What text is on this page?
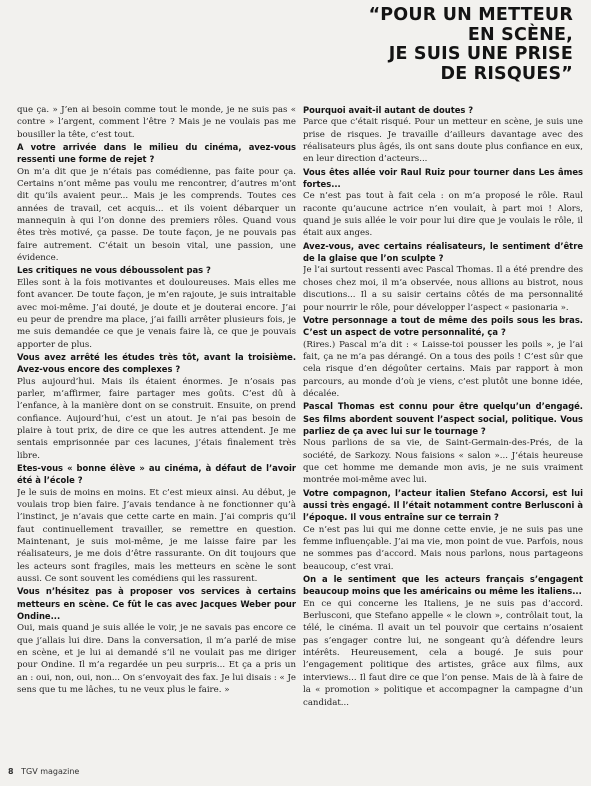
“POUR UN METTEUR
EN SCÈNE,
JE SUIS UNE PRISE
DE RISQUES”

que ça. » J’en ai besoin comme tout le monde, je ne suis pas « contre » l’argent, comment l’être ? Mais je ne voulais pas me bousiller la tête, c’est tout.

A votre arrivée dans le milieu du cinéma, avez-vous ressenti une forme de rejet ?

On m’a dit que je n’étais pas comédienne, pas faite pour ça. Certains n’ont même pas voulu me rencontrer, d’autres m’ont dit qu’ils avaient peur... Mais je les comprends. Toutes ces années de travail, cet acquis... et ils voient débarquer un mannequin à qui l’on donne des premiers rôles. Quand vous êtes très motivé, ça passe. De toute façon, je ne pouvais pas faire autrement. C’était un besoin vital, une passion, une évidence.

Les critiques ne vous déboussolent pas ?

Elles sont à la fois motivantes et douloureuses. Mais elles me font avancer. De toute façon, je m’en rajoute, je suis intraitable avec moi-même. J’ai douté, je doute et je douterai encore. J’ai eu peur de prendre ma place, j’ai failli arrêter plusieurs fois, je me suis demandée ce que je venais faire là, ce que je pouvais apporter de plus.

Vous avez arrêté les études très tôt, avant la troisième. Avez-vous encore des complexes ?

Plus aujourd’hui. Mais ils étaient énormes. Je n’osais pas parler, m’affirmer, faire partager mes goûts. C’est dû à l’enfance, à la manière dont on se construit. Ensuite, on prend confiance. Aujourd’hui, c’est un atout. Je n’ai pas besoin de plaire à tout prix, de dire ce que les autres attendent. Je me sentais emprisonnée par ces lacunes, j’étais finalement très libre.

Etes-vous « bonne élève » au cinéma, à défaut de l’avoir été à l’école ?

Je le suis de moins en moins. Et c’est mieux ainsi. Au début, je voulais trop bien faire. J’avais tendance à ne fonctionner qu’à l’instinct, je n’avais que cette carte en main. J’ai compris qu’il faut continuellement travailler, se remettre en question. Maintenant, je suis moi-même, je me laisse faire par les réalisateurs, je me dois d’être rassurante. On dit toujours que les acteurs sont fragiles, mais les metteurs en scène le sont aussi. Ce sont souvent les comédiens qui les rassurent.

Vous n’hésitez pas à proposer vos services à certains metteurs en scène. Ce fût le cas avec Jacques Weber pour Ondine...

Oui, mais quand je suis allée le voir, je ne savais pas encore ce que j’allais lui dire. Dans la conversation, il m’a parlé de mise en scène, et je lui ai demandé s’il ne voulait pas me diriger pour Ondine. Il m’a regardée un peu surpris... Et ça a pris un an : oui, non, oui, non... On s’envoyait des fax. Je lui disais : « Je sens que tu me lâches, tu ne veux plus le faire. »

Pourquoi avait-il autant de doutes ?

Parce que c’était risqué. Pour un metteur en scène, je suis une prise de risques. Je travaille d’ailleurs davantage avec des réalisateurs plus âgés, ils ont sans doute plus confiance en eux, en leur direction d’acteurs...

Vous êtes allée voir Raul Ruiz pour tourner dans Les âmes fortes...

Ce n’est pas tout à fait cela : on m’a proposé le rôle. Raul raconte qu’aucune actrice n’en voulait, à part moi ! Alors, quand je suis allée le voir pour lui dire que je voulais le rôle, il était aux anges.

Avez-vous, avec certains réalisateurs, le sentiment d’être de la glaise que l’on sculpte ?

Je l’ai surtout ressenti avec Pascal Thomas. Il a été prendre des choses chez moi, il m’a observée, nous allions au bistrot, nous discutions... Il a su saisir certains côtés de ma personnalité pour nourrir le rôle, pour développer l’aspect « pasionaria ».

Votre personnage a tout de même des poils sous les bras. C’est un aspect de votre personnalité, ça ?

(Rires.) Pascal m’a dit : « Laisse-toi pousser les poils », je l’ai fait, ça ne m’a pas dérangé. On a tous des poils ! C’est sûr que cela risque d’en dégoûter certains. Mais par rapport à mon parcours, au monde d’où je viens, c’est plutôt une bonne idée, décalée.

Pascal Thomas est connu pour être quelqu’un d’engagé. Ses films abordent souvent l’aspect social, politique. Vous parliez de ça avec lui sur le tournage ?

Nous parlions de sa vie, de Saint-Germain-des-Prés, de la société, de Sarkozy. Nous faisions « salon »... J’étais heureuse que cet homme me demande mon avis, je ne suis vraiment montrée moi-même avec lui.

Votre compagnon, l’acteur italien Stefano Accorsi, est lui aussi très engagé. Il l’était notamment contre Berlusconi à l’époque. Il vous entraîne sur ce terrain ?

Ce n’est pas lui qui me donne cette envie, je ne suis pas une femme influençable. J’ai ma vie, mon point de vue. Parfois, nous ne sommes pas d’accord. Mais nous parlons, nous partageons beaucoup, c’est vrai.

On a le sentiment que les acteurs français s’engagent beaucoup moins que les américains ou même les italiens...

En ce qui concerne les Italiens, je ne suis pas d’accord. Berlusconi, que Stefano appelle « le clown », contrôlait tout, la télé, le cinéma. Il avait un tel pouvoir que certains n’osaient pas s’engager contre lui, ne songeant qu’à défendre leurs intérêts. Heureusement, cela a bougé. Je suis pour l’engagement politique des artistes, grâce aux films, aux interviews... Il faut dire ce que l’on pense. Mais de là à faire de la « promotion » politique et accompagner la campagne d’un candidat...

8 TGV magazine
